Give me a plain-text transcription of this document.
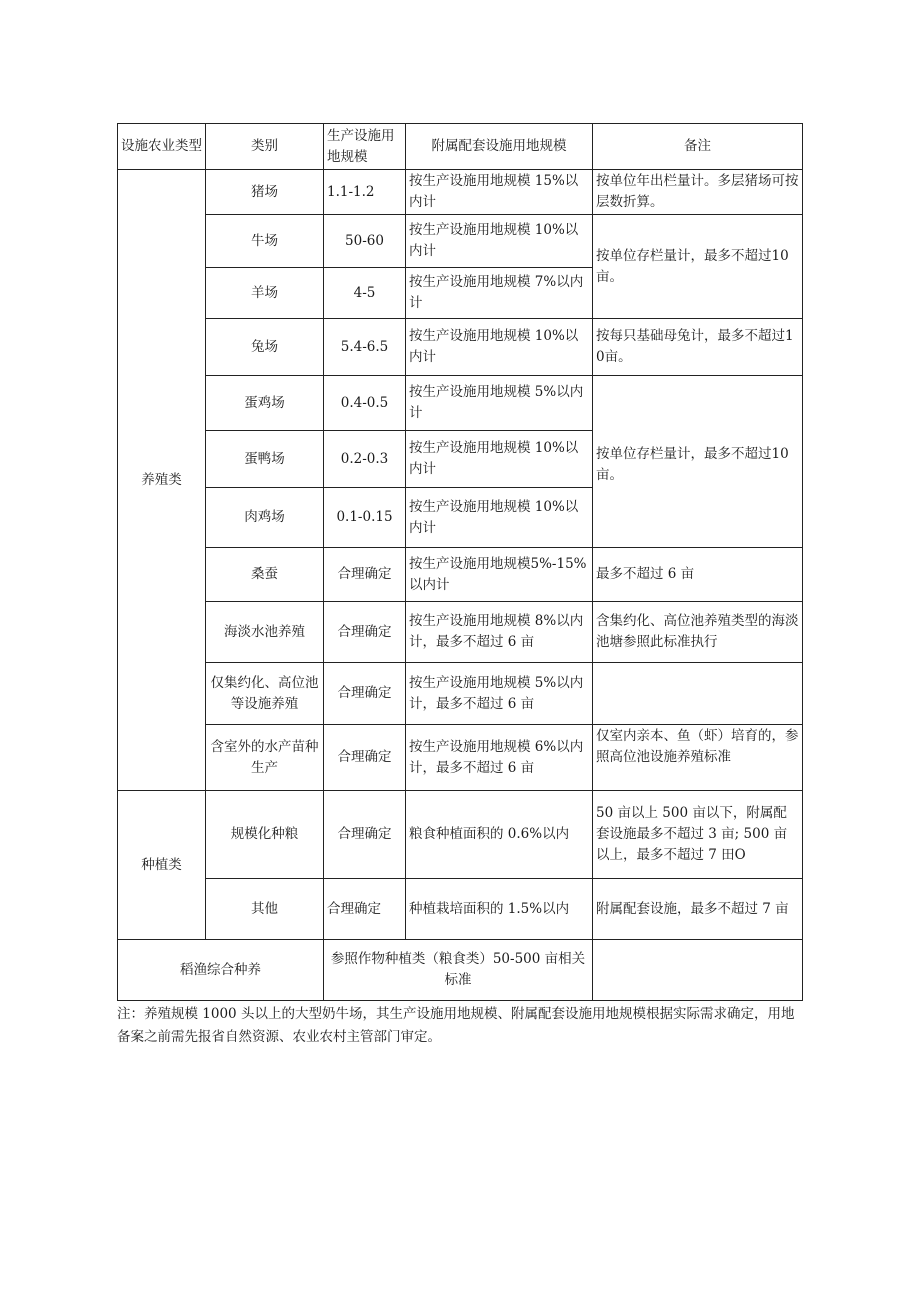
设施农业类型	类别	生产设施用地规模	附属配套设施用地规模	备注
养殖类	猪场	1.1-1.2	按生产设施用地规模 15%以内计	按单位年出栏量计。多层猪场可按层数折算。
	牛场	50-60	按生产设施用地规模 10%以内计	按单位存栏量计，最多不超过10亩。
	羊场	4-5	按生产设施用地规模 7%以内计	
	兔场	5.4-6.5	按生产设施用地规模 10%以内计	按每只基础母兔计，最多不超过10亩。
	蛋鸡场	0.4-0.5	按生产设施用地规模 5%以内计	按单位存栏量计，最多不超过10亩。
	蛋鸭场	0.2-0.3	按生产设施用地规模 10%以内计	
	肉鸡场	0.1-0.15	按生产设施用地规模 10%以内计	
	桑蚕	合理确定	按生产设施用地规模5%-15%以内计	最多不超过 6 亩
	海淡水池养殖	合理确定	按生产设施用地规模 8%以内计，最多不超过 6 亩	含集约化、高位池养殖类型的海淡池塘参照此标准执行
	仅集约化、高位池等设施养殖	合理确定	按生产设施用地规模 5%以内计，最多不超过 6 亩	
	含室外的水产苗种生产	合理确定	按生产设施用地规模 6%以内计，最多不超过 6 亩	仅室内亲本、鱼（虾）培育的，参照高位池设施养殖标准
种植类	规模化种粮	合理确定	粮食种植面积的 0.6%以内	50 亩以上 500 亩以下，附属配套设施最多不超过 3 亩; 500 亩以上，最多不超过 7 田O
	其他	合理确定	种植栽培面积的 1.5%以内	附属配套设施，最多不超过 7 亩
稻渔综合种养		参照作物种植类（粮食类）50-500 亩相关标准		
注：养殖规模 1000 头以上的大型奶牛场，其生产设施用地规模、附属配套设施用地规模根据实际需求确定，用地备案之前需先报省自然资源、农业农村主管部门审定。
